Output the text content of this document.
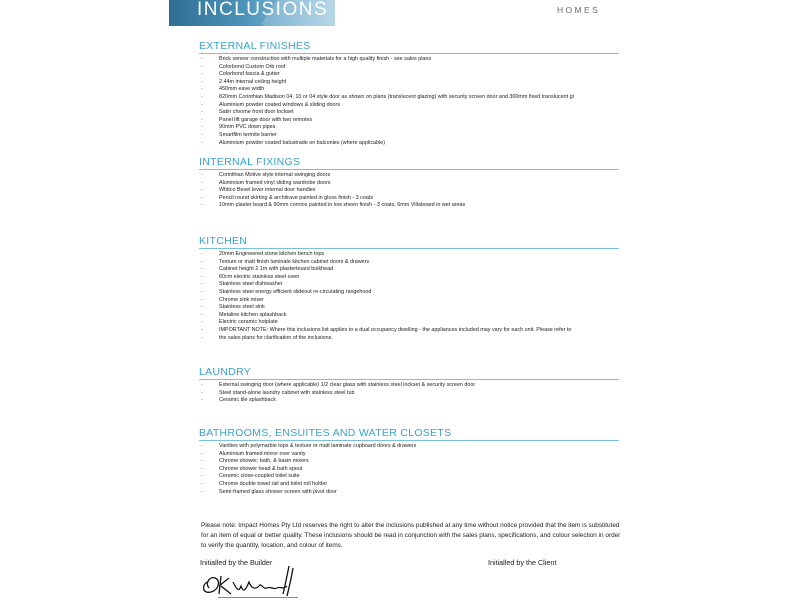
INCLUSIONS	HOMES
EXTERNAL FINISHES
- Brick veneer construction with multiple materials for a high quality finish - see sales plans
- Colorbond Custom Orb roof
- Colorbond fascia & gutter
- 2.44m internal ceiling height
- 450mm eave width
- 820mm Corinthian Madison 04, 10 or 04 style door as shown on plans (translucent glazing) with security screen door and 300mm fixed translucent gl
- Aluminium powder coated windows & sliding doors
- Satin chrome front door lockset
- Panel lift garage door with two remotes
- 90mm PVC down pipes
- Smartfilm termite barrier
- Aluminium powder coated balustrade on balconies (where applicable)
INTERNAL FIXINGS
- Corinthian Motive style internal swinging doors
- Aluminium framed vinyl sliding wardrobe doors
- Whitco Bevel lever internal door handles
- Pencil round skirting & architrave painted in gloss finish - 3 coats
- 10mm plaster board & 90mm cornice painted in low sheen finish - 3 coats, 6mm Villaboard in wet areas
KITCHEN
- 20mm Engineered stone kitchen bench tops
- Texture or matt finish laminate kitchen cabinet doors & drawers
- Cabinet height 2.1m with plasterboard bulkhead
- 60cm electric stainless steel oven
- Stainless steel dishwasher
- Stainless steel energy efficient slideout re-circulating rangehood
- Chrome sink mixer
- Stainless steel sink
- Metaline kitchen splashback
- Electric ceramic hotplate
- IMPORTANT NOTE: Where this inclusions list applies to a dual occupancy dwelling - the appliances included may vary for each unit. Please refer to
- the sales plans for clarification of the inclusions.
LAUNDRY
- External swinging door (where applicable) 1/2 clear glass with stainless steel lockset & security screen door
- Steel stand-alone laundry cabinet with stainless steel tub
- Ceramic tile splashback
BATHROOMS, ENSUITES AND WATER CLOSETS
- Vanities with polymarble tops & texture or matt laminate cupboard doors & drawers
- Aluminium framed mirror over vanity
- Chrome shower, bath, & basin mixers
- Chrome shower head & bath spout
- Ceramic close-coupled toilet suite
- Chrome double towel rail and toilet roll holder
- Semi-framed glass shower screen with pivot door
Please note: Impact Homes Pty Ltd reserves the right to alter the inclusions published at any time without notice provided that the item is substituted for an item of equal or better quality. These inclusions should be read in conjunction with the sales plans, specifications, and colour selection in order to verify the quantity, location, and colour of items.
Initialled by the Builder	Initialled by the Client
